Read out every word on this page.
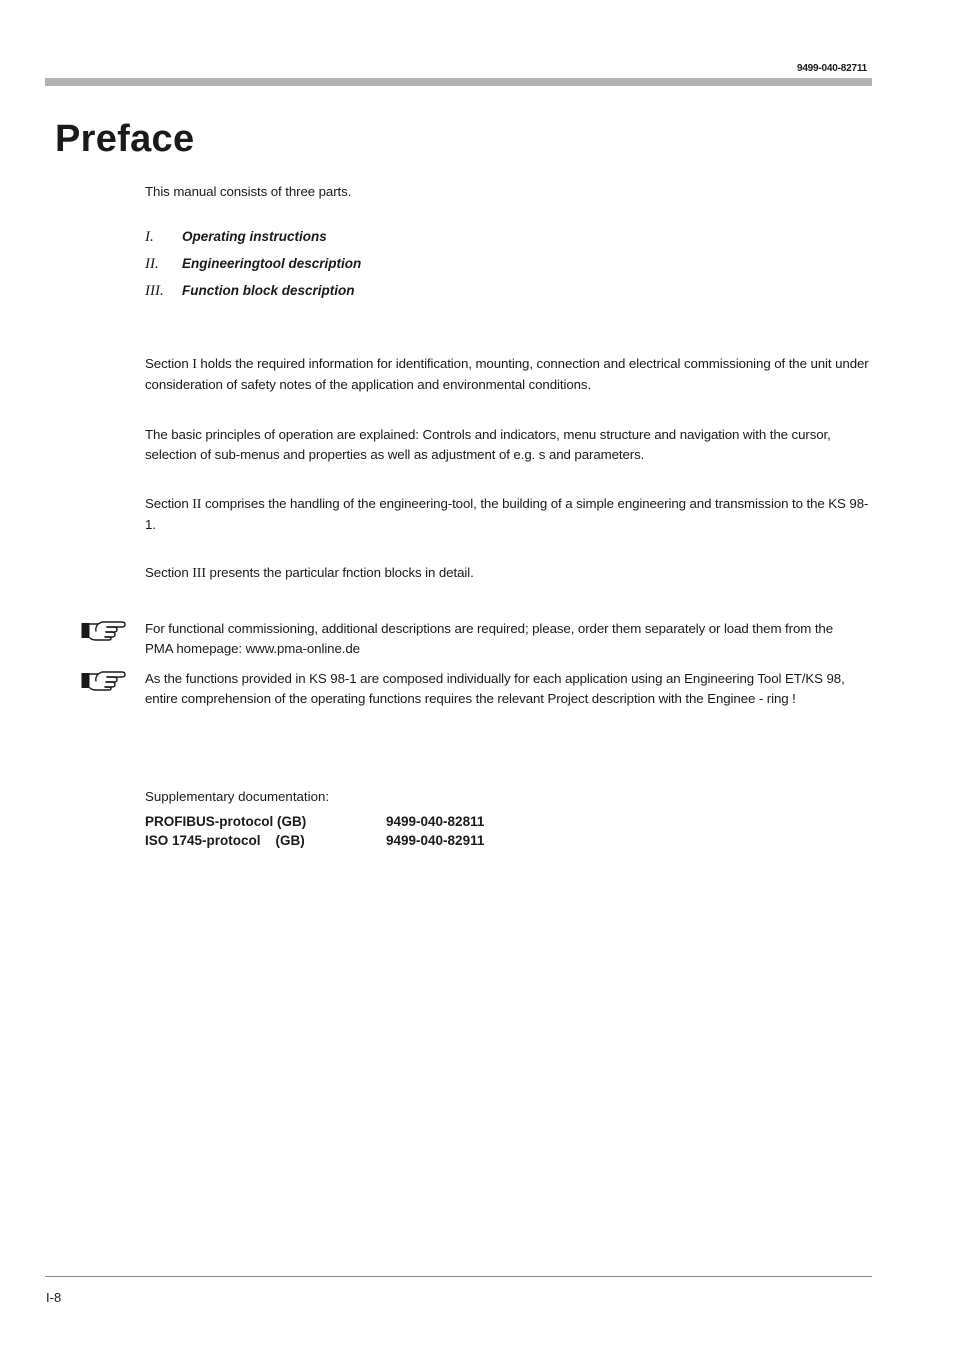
9499-040-82711
Preface
This manual consists of three parts.
I. Operating instructions
II. Engineeringtool description
III. Function block description
Section I holds the required information for identification, mounting, connection and electrical commissioning of the unit under consideration of safety notes of the application and environmental conditions.
The basic principles of operation are explained: Controls and indicators, menu structure and navigation with the cursor, selection of sub-menus and properties as well as adjustment of e.g. s and parameters.
Section II comprises the handling of the engineering-tool, the building of a simple engineering and transmission to the KS 98-1.
Section III presents the particular fnction blocks in detail.
For functional commissioning, additional descriptions are required; please, order them separately or load them from the PMA homepage: www.pma-online.de
As the functions provided in KS 98-1 are composed individually for each application using an Engineering Tool ET/KS 98, entire comprehension of the operating functions requires the relevant Project description with the Enginee - ring !
Supplementary documentation:
PROFIBUS-protocol (GB)	9499-040-82811
ISO 1745-protocol    (GB)	9499-040-82911
I-8
